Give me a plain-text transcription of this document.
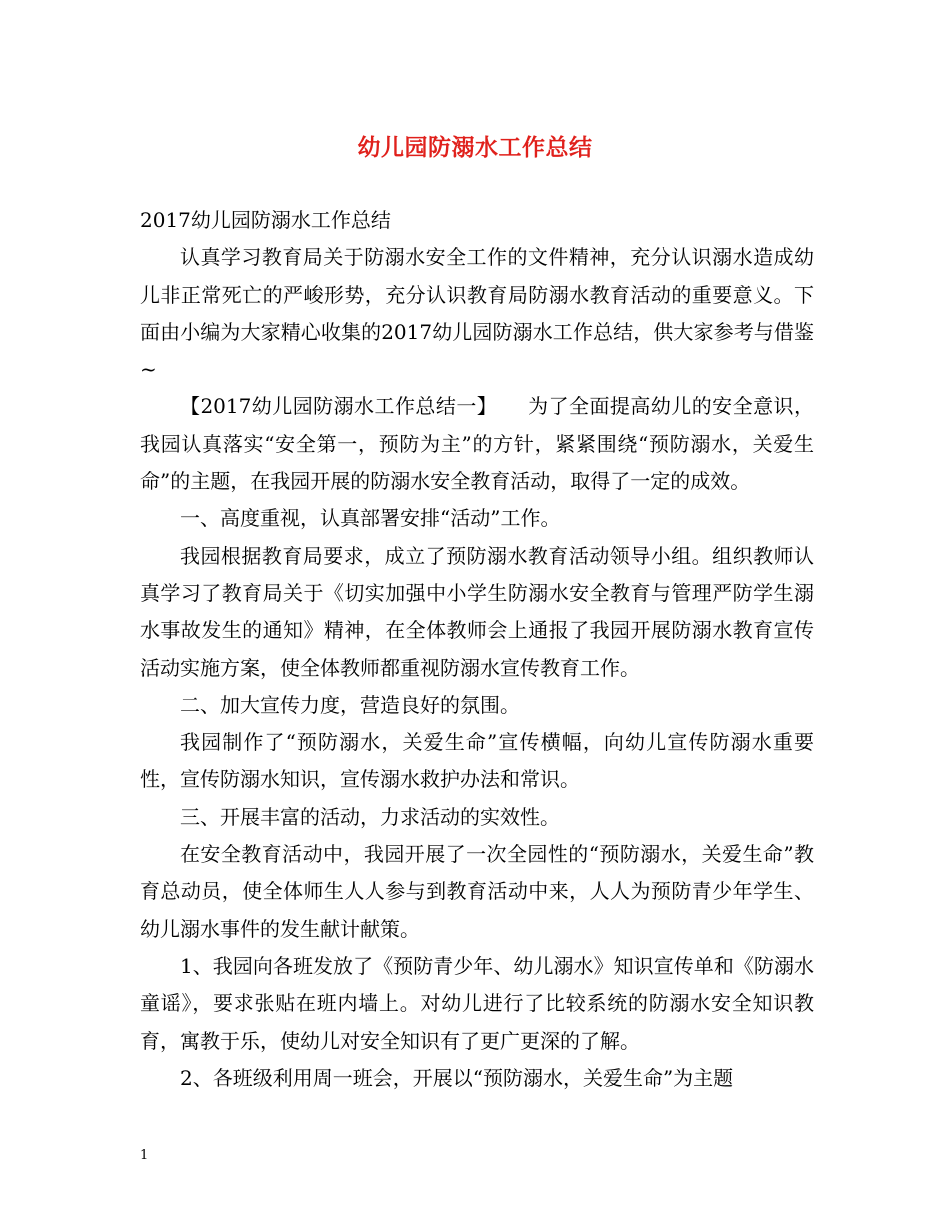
幼儿园防溺水工作总结

2017幼儿园防溺水工作总结

认真学习教育局关于防溺水安全工作的文件精神，充分认识溺水造成幼儿非正常死亡的严峻形势，充分认识教育局防溺水教育活动的重要意义。下面由小编为大家精心收集的2017幼儿园防溺水工作总结，供大家参考与借鉴~

【2017幼儿园防溺水工作总结一】　　为了全面提高幼儿的安全意识，我园认真落实“安全第一，预防为主”的方针，紧紧围绕“预防溺水，关爱生命”的主题，在我园开展的防溺水安全教育活动，取得了一定的成效。

一、高度重视，认真部署安排“活动”工作。

我园根据教育局要求，成立了预防溺水教育活动领导小组。组织教师认真学习了教育局关于《切实加强中小学生防溺水安全教育与管理严防学生溺水事故发生的通知》精神，在全体教师会上通报了我园开展防溺水教育宣传活动实施方案，使全体教师都重视防溺水宣传教育工作。

二、加大宣传力度，营造良好的氛围。

我园制作了“预防溺水，关爱生命”宣传横幅，向幼儿宣传防溺水重要性，宣传防溺水知识，宣传溺水救护办法和常识。

三、开展丰富的活动，力求活动的实效性。

在安全教育活动中，我园开展了一次全园性的“预防溺水，关爱生命”教育总动员，使全体师生人人参与到教育活动中来，人人为预防青少年学生、幼儿溺水事件的发生献计献策。

1、我园向各班发放了《预防青少年、幼儿溺水》知识宣传单和《防溺水童谣》，要求张贴在班内墙上。对幼儿进行了比较系统的防溺水安全知识教育，寓教于乐，使幼儿对安全知识有了更广更深的了解。

2、各班级利用周一班会，开展以“预防溺水，关爱生命”为主题

1
